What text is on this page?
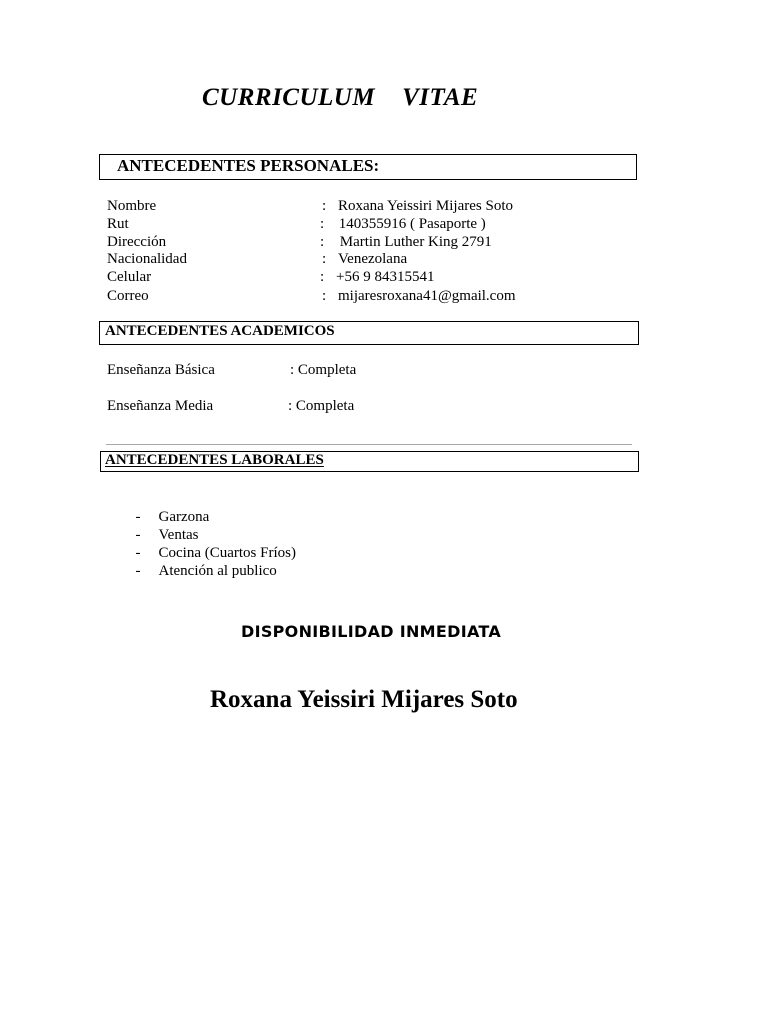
CURRICULUM    VITAE
ANTECEDENTES PERSONALES:
Nombre	: Roxana Yeissiri Mijares Soto
Rut	: 140355916 ( Pasaporte )
Dirección	: Martin Luther King 2791
Nacionalidad	: Venezolana
Celular	: +56 9 84315541
Correo	: mijaresroxana41@gmail.com
ANTECEDENTES ACADEMICOS
Enseñanza Básica	: Completa
Enseñanza Media	: Completa
ANTECEDENTES LABORALES

- Garzona

- Ventas

- Cocina (Cuartos Fríos)

- Atención al publico

DISPONIBILIDAD INMEDIATA
Roxana Yeissiri Mijares Soto
